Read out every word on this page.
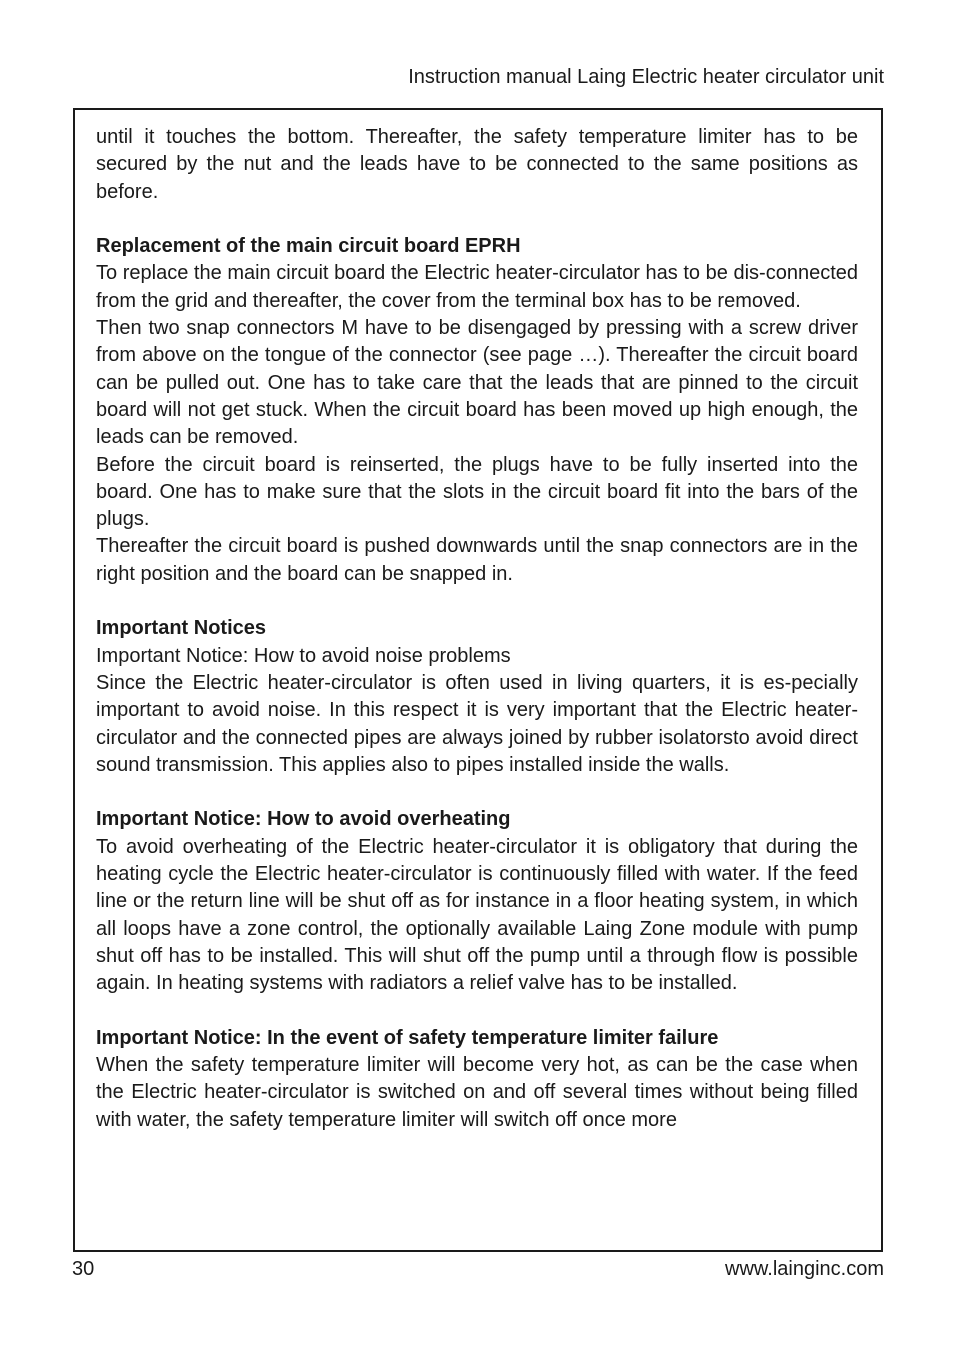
Instruction manual Laing Electric heater circulator unit

until it touches the bottom. Thereafter, the safety temperature limiter has to be secured by the nut and the leads have to be connected to the same positions as before.

Replacement of the main circuit board EPRH

To replace the main circuit board the Electric heater-circulator has to be dis-connected from the grid and thereafter, the cover from the terminal box has to be removed.

Then two snap connectors M have to be disengaged by pressing with a screw driver from above on the tongue of the connector (see page …). Thereafter the circuit board can be pulled out. One has to take care that the leads that are pinned to the circuit board will not get stuck. When the circuit board has been moved up high enough, the leads can be removed.

Before the circuit board is reinserted, the plugs have to be fully inserted into the board. One has to make sure that the slots in the circuit board fit into the bars of the plugs.

Thereafter the circuit board is pushed downwards until the snap connectors are in the right position and the board can be snapped in.

Important Notices

Important Notice: How to avoid noise problems

Since the Electric heater-circulator is often used in living quarters, it is es-pecially important to avoid noise. In this respect it is very important that the Electric heater-circulator and the connected pipes are always joined by rubber isolatorsto avoid direct sound transmission. This applies also to pipes installed inside the walls.

Important Notice: How to avoid overheating

To avoid overheating of the Electric heater-circulator it is obligatory that during the heating cycle the Electric heater-circulator is continuously filled with water. If the feed line or the return line will be shut off as for instance in a floor heating system, in which all loops have a zone control, the optionally available Laing Zone module with pump shut off has to be installed. This will shut off the pump until a through flow is possible again. In heating systems with radiators a relief valve has to be installed.

Important Notice: In the event of safety temperature limiter failure

When the safety temperature limiter will become very hot, as can be the case when the Electric heater-circulator is switched on and off several times without being filled with water, the safety temperature limiter will switch off once more

30	www.lainginc.com
